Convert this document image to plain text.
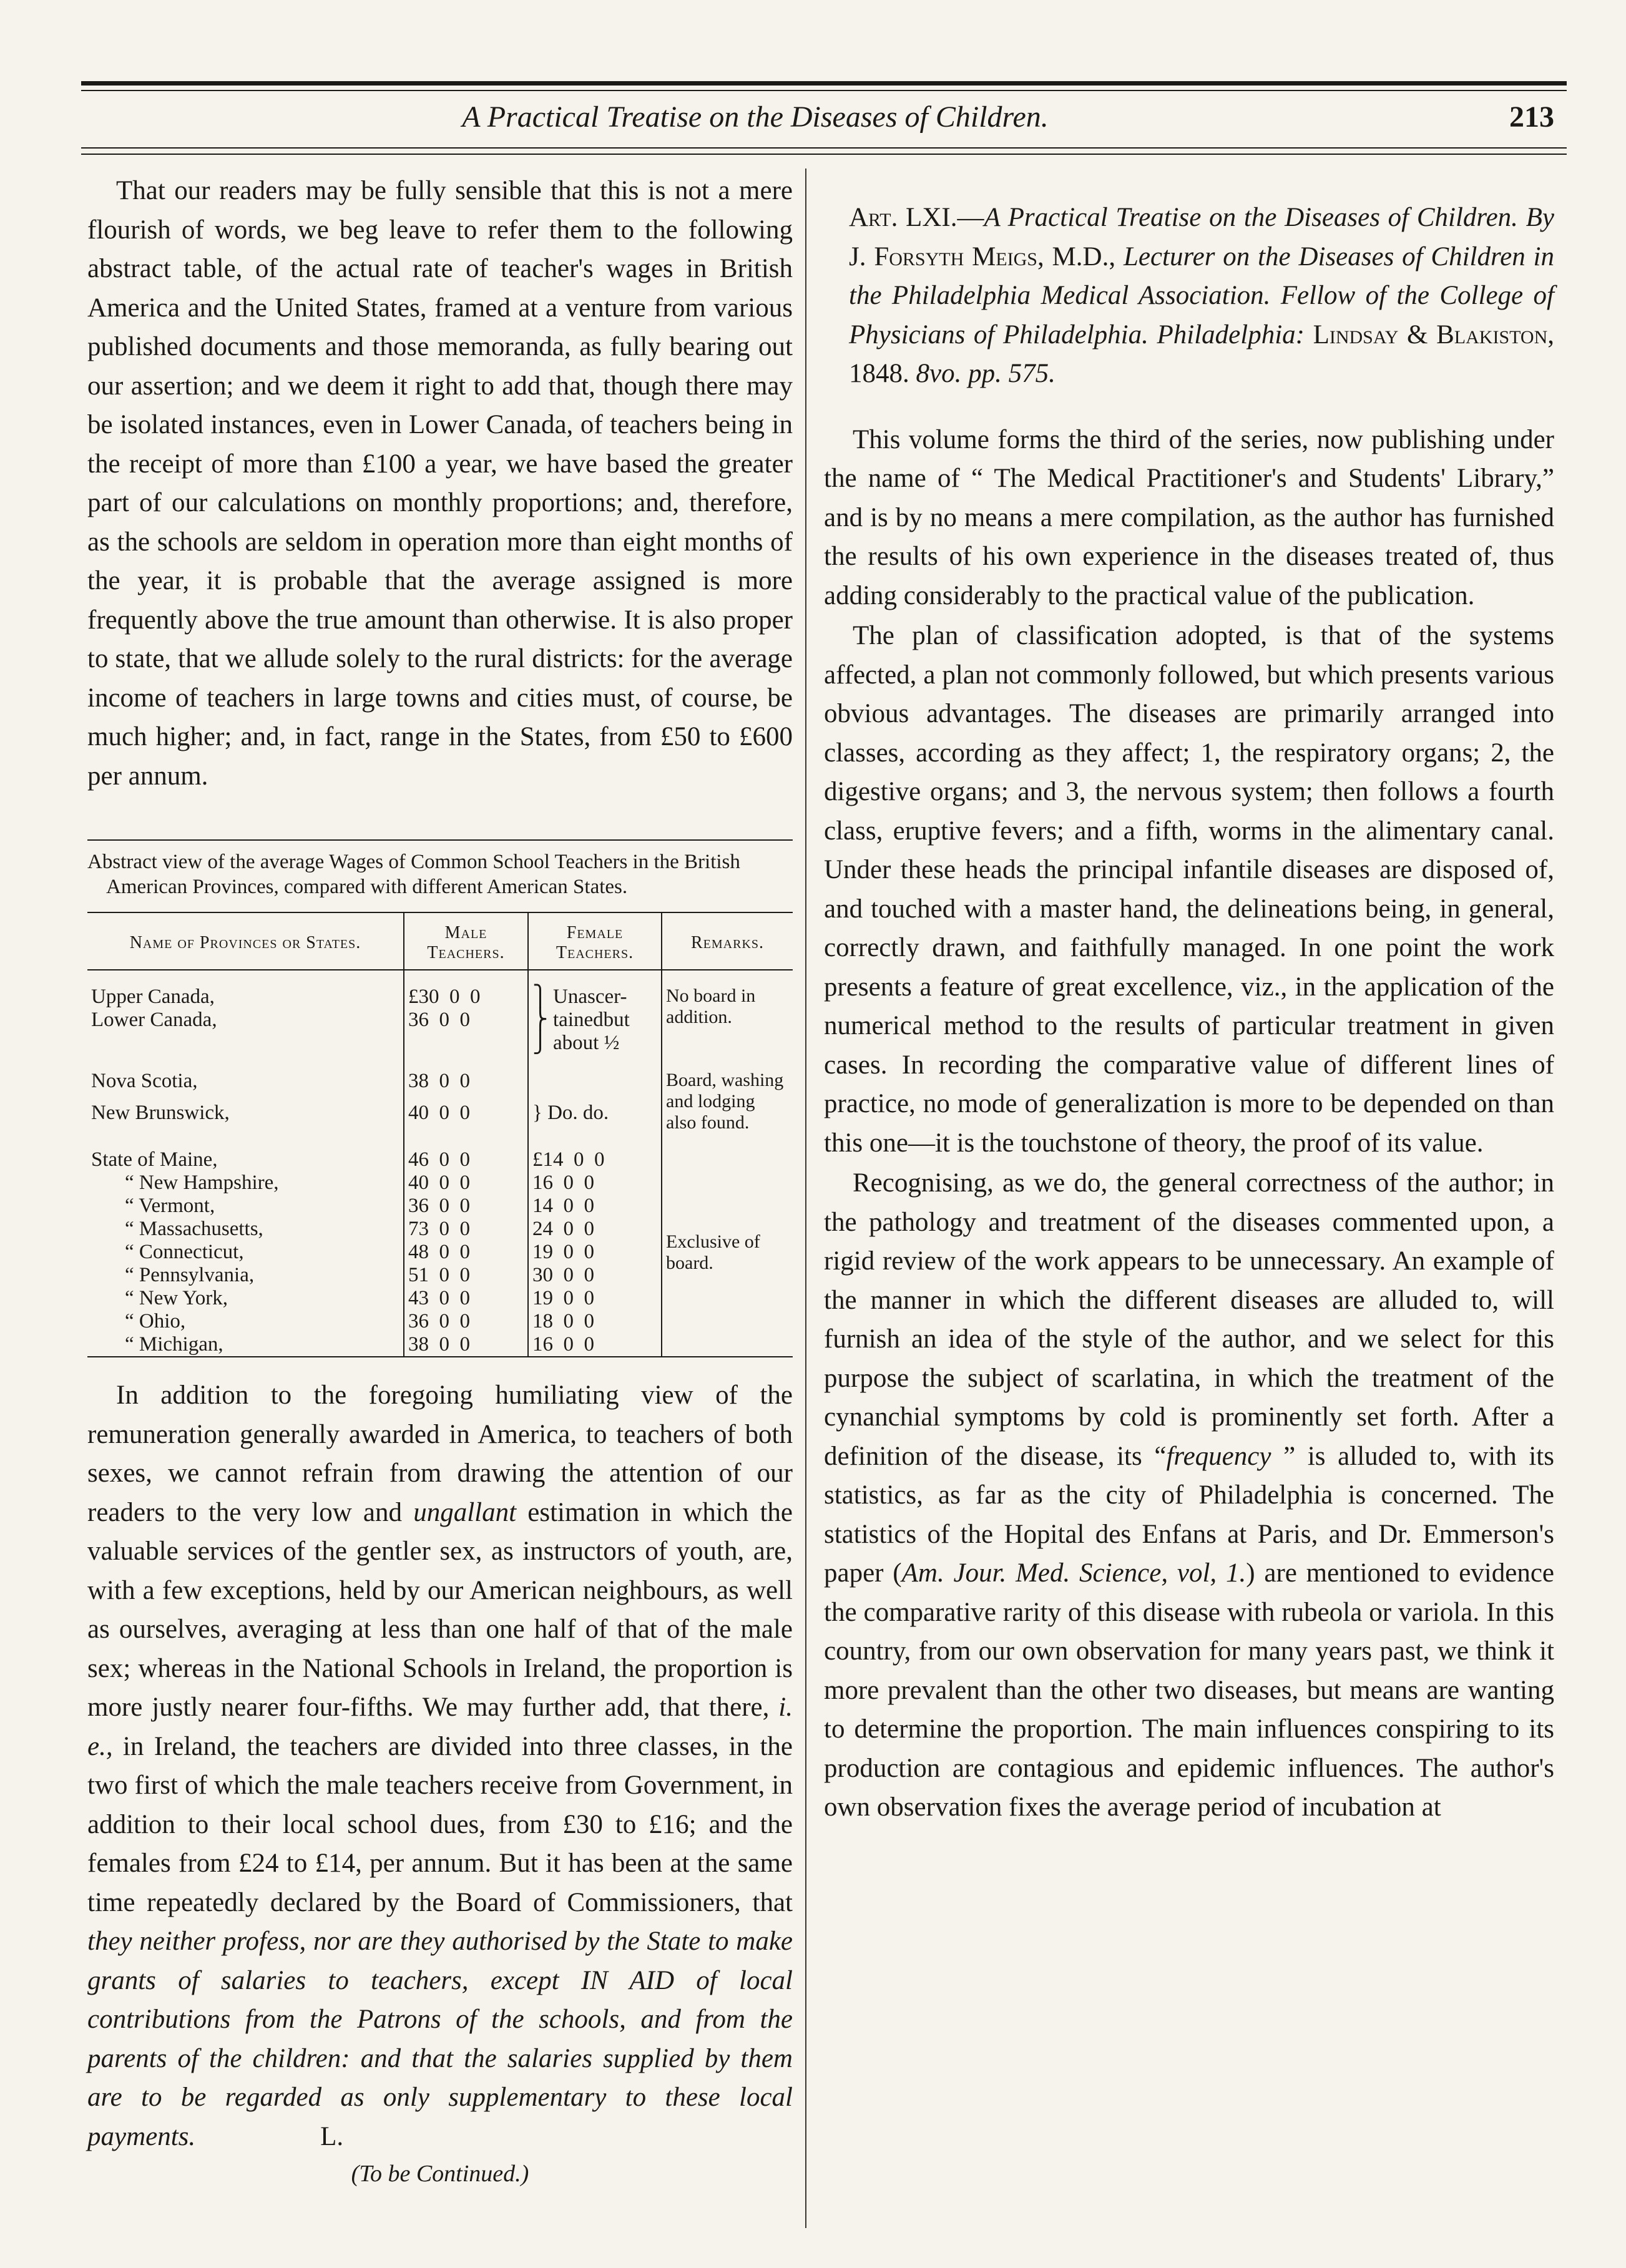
A Practical Treatise on the Diseases of Children.	213

That our readers may be fully sensible that this is not a mere flourish of words, we beg leave to refer them to the following abstract table, of the actual rate of teacher's wages in British America and the United States, framed at a venture from various published documents and those memoranda, as fully bearing out our assertion; and we deem it right to add that, though there may be isolated instances, even in Lower Canada, of teachers being in the receipt of more than £100 a year, we have based the greater part of our calculations on monthly proportions; and, therefore, as the schools are seldom in operation more than eight months of the year, it is probable that the average assigned is more frequently above the true amount than otherwise. It is also proper to state, that we allude solely to the rural districts: for the average income of teachers in large towns and cities must, of course, be much higher; and, in fact, range in the States, from £50 to £600 per annum.

Abstract view of the average Wages of Common School Teachers in the British American Provinces, compared with different American States.
Name of Provinces or States.	Male Teachers.	Female Teachers.	Remarks.

Upper Canada,	£30  0  0	⎫ Unascer-	No board in addition.
Lower Canada,	36  0  0	⎬ tainedbut	
		⎭ about ½	

Nova Scotia,	38  0  0		Board, washing and lodging also found.
New Brunswick,	40  0  0	} Do. do.	

State of Maine,	46  0  0	£14  0  0	Exclusive of board.
“ New Hampshire,	40  0  0	16  0  0	
“ Vermont,	36  0  0	14  0  0	
“ Massachusetts,	73  0  0	24  0  0	
“ Connecticut,	48  0  0	19  0  0	
“ Pennsylvania,	51  0  0	30  0  0	
“ New York,	43  0  0	19  0  0	
“ Ohio,	36  0  0	18  0  0	
“ Michigan,	38  0  0	16  0  0	

In addition to the foregoing humiliating view of the remuneration generally awarded in America, to teachers of both sexes, we cannot refrain from drawing the attention of our readers to the very low and ungallant estimation in which the valuable services of the gentler sex, as instructors of youth, are, with a few exceptions, held by our American neighbours, as well as ourselves, averaging at less than one half of that of the male sex; whereas in the National Schools in Ireland, the proportion is more justly nearer four-fifths. We may further add, that there, i. e., in Ireland, the teachers are divided into three classes, in the two first of which the male teachers receive from Government, in addition to their local school dues, from £30 to £16; and the females from £24 to £14, per annum. But it has been at the same time repeatedly declared by the Board of Commissioners, that they neither profess, nor are they authorised by the State to make grants of salaries to teachers, except IN AID of local contributions from the Patrons of the schools, and from the parents of the children: and that the salaries supplied by them are to be regarded as only supplementary to these local payments.	L.

(To be Continued.)

Art. LXI.—A Practical Treatise on the Diseases of Children. By J. Forsyth Meigs, M.D., Lecturer on the Diseases of Children in the Philadelphia Medical Association. Fellow of the College of Physicians of Philadelphia. Philadelphia: Lindsay & Blakiston, 1848. 8vo. pp. 575.

This volume forms the third of the series, now publishing under the name of “ The Medical Practitioner's and Students' Library,” and is by no means a mere compilation, as the author has furnished the results of his own experience in the diseases treated of, thus adding considerably to the practical value of the publication.

The plan of classification adopted, is that of the systems affected, a plan not commonly followed, but which presents various obvious advantages. The diseases are primarily arranged into classes, according as they affect; 1, the respiratory organs; 2, the digestive organs; and 3, the nervous system; then follows a fourth class, eruptive fevers; and a fifth, worms in the alimentary canal. Under these heads the principal infantile diseases are disposed of, and touched with a master hand, the delineations being, in general, correctly drawn, and faithfully managed. In one point the work presents a feature of great excellence, viz., in the application of the numerical method to the results of particular treatment in given cases. In recording the comparative value of different lines of practice, no mode of generalization is more to be depended on than this one—it is the touchstone of theory, the proof of its value.

Recognising, as we do, the general correctness of the author; in the pathology and treatment of the diseases commented upon, a rigid review of the work appears to be unnecessary. An example of the manner in which the different diseases are alluded to, will furnish an idea of the style of the author, and we select for this purpose the subject of scarlatina, in which the treatment of the cynanchial symptoms by cold is prominently set forth. After a definition of the disease, its “frequency ” is alluded to, with its statistics, as far as the city of Philadelphia is concerned. The statistics of the Hopital des Enfans at Paris, and Dr. Emmerson's paper (Am. Jour. Med. Science, vol, 1.) are mentioned to evidence the comparative rarity of this disease with rubeola or variola. In this country, from our own observation for many years past, we think it more prevalent than the other two diseases, but means are wanting to determine the proportion. The main influences conspiring to its production are contagious and epidemic influences. The author's own observation fixes the average period of incubation at
